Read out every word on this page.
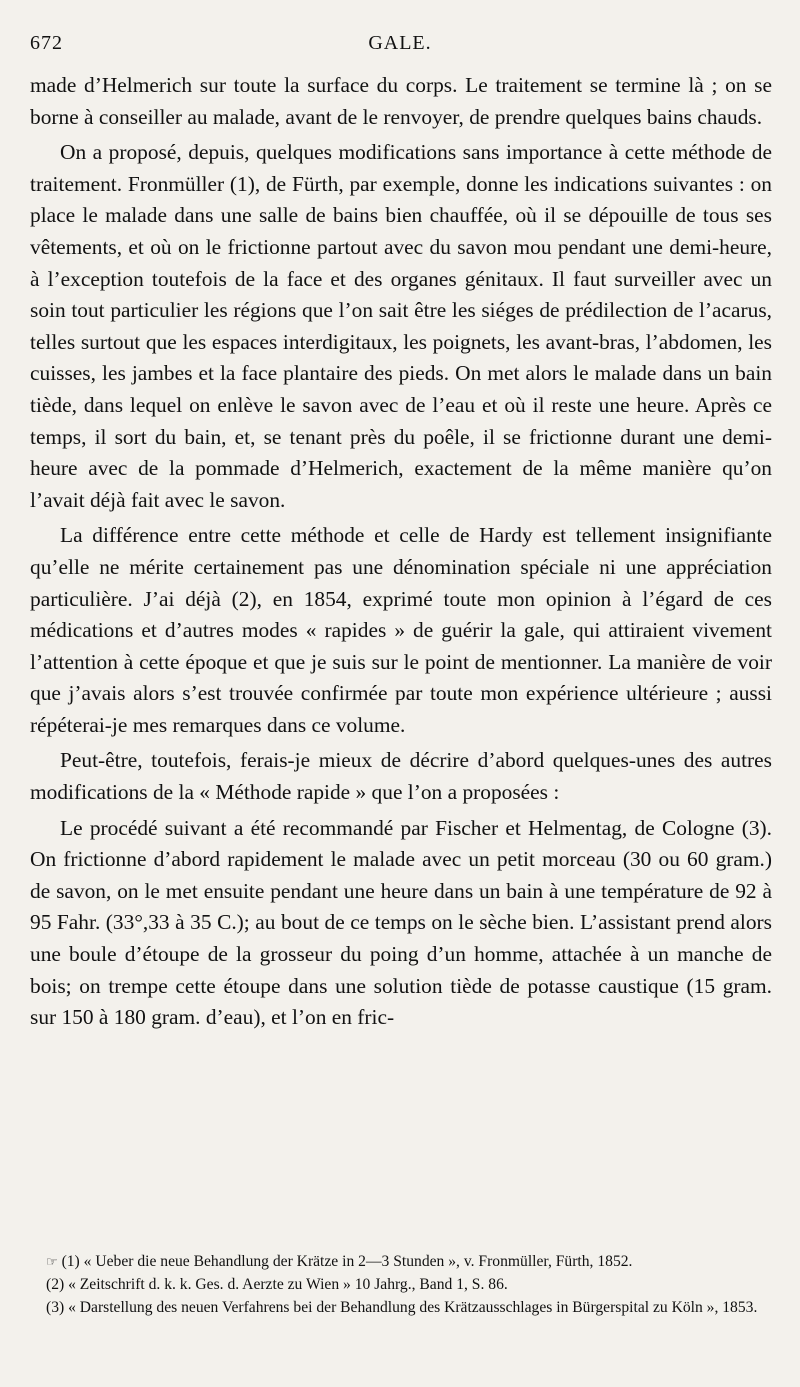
672	GALE.

made d’Helmerich sur toute la surface du corps. Le traitement se termine là ; on se borne à conseiller au malade, avant de le renvoyer, de prendre quelques bains chauds.

On a proposé, depuis, quelques modifications sans importance à cette méthode de traitement. Fronmüller (1), de Fürth, par exemple, donne les indications suivantes : on place le malade dans une salle de bains bien chauffée, où il se dépouille de tous ses vêtements, et où on le frictionne partout avec du savon mou pendant une demi-heure, à l’exception toutefois de la face et des organes génitaux. Il faut surveiller avec un soin tout particulier les régions que l’on sait être les siéges de prédilection de l’acarus, telles surtout que les espaces interdigitaux, les poignets, les avant-bras, l’abdomen, les cuisses, les jambes et la face plantaire des pieds. On met alors le malade dans un bain tiède, dans lequel on enlève le savon avec de l’eau et où il reste une heure. Après ce temps, il sort du bain, et, se tenant près du poêle, il se frictionne durant une demi-heure avec de la pommade d’Helmerich, exactement de la même manière qu’on l’avait déjà fait avec le savon.

La différence entre cette méthode et celle de Hardy est tellement insignifiante qu’elle ne mérite certainement pas une dénomination spéciale ni une appréciation particulière. J’ai déjà (2), en 1854, exprimé toute mon opinion à l’égard de ces médications et d’autres modes « rapides » de guérir la gale, qui attiraient vivement l’attention à cette époque et que je suis sur le point de mentionner. La manière de voir que j’avais alors s’est trouvée confirmée par toute mon expérience ultérieure ; aussi répéterai-je mes remarques dans ce volume.

Peut-être, toutefois, ferais-je mieux de décrire d’abord quelques-unes des autres modifications de la « Méthode rapide » que l’on a proposées :

Le procédé suivant a été recommandé par Fischer et Helmentag, de Cologne (3). On frictionne d’abord rapidement le malade avec un petit morceau (30 ou 60 gram.) de savon, on le met ensuite pendant une heure dans un bain à une température de 92 à 95 Fahr. (33°,33 à 35 C.); au bout de ce temps on le sèche bien. L’assistant prend alors une boule d’étoupe de la grosseur du poing d’un homme, attachée à un manche de bois; on trempe cette étoupe dans une solution tiède de potasse caustique (15 gram. sur 150 à 180 gram. d’eau), et l’on en fric-

☞ (1) « Ueber die neue Behandlung der Krätze in 2—3 Stunden », v. Fronmüller, Fürth, 1852.

(2) « Zeitschrift d. k. k. Ges. d. Aerzte zu Wien » 10 Jahrg., Band 1, S. 86.

(3) « Darstellung des neuen Verfahrens bei der Behandlung des Krätzausschlages in Bürgerspital zu Köln », 1853.
